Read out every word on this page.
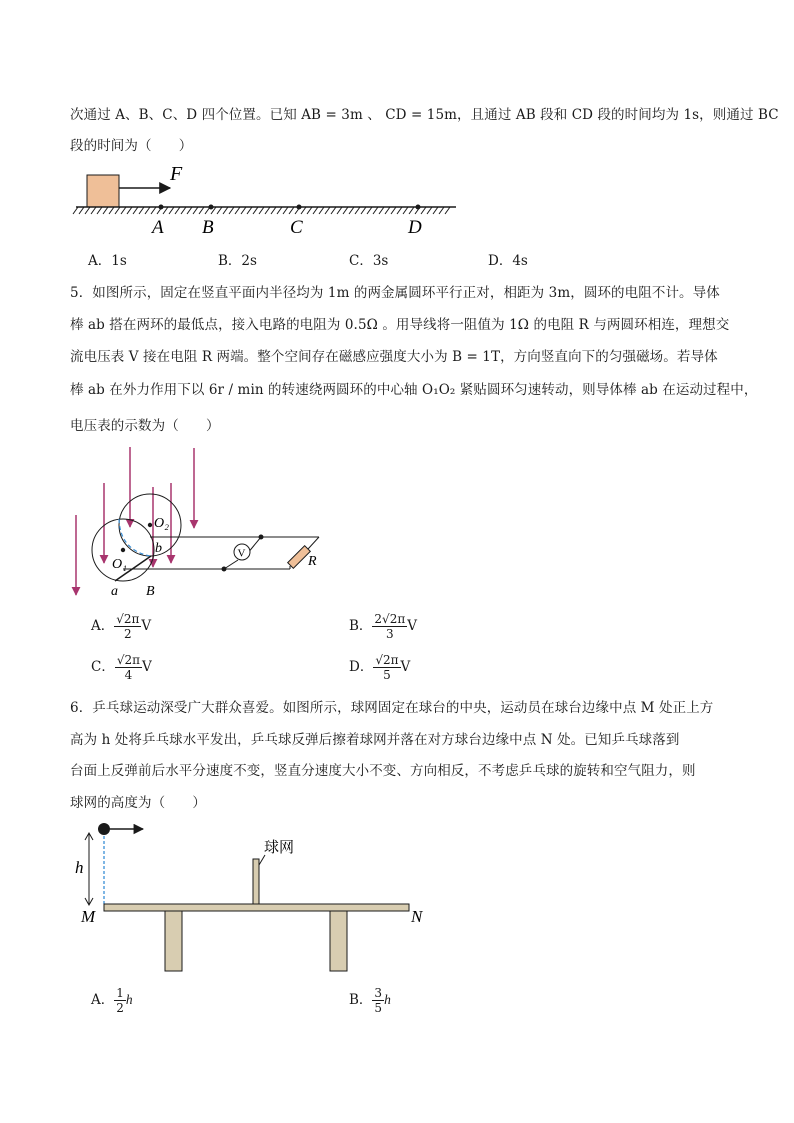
次通过 A、B、C、D 四个位置。已知 AB = 3m 、 CD = 15m，且通过 AB 段和 CD 段的时间均为 1s，则通过 BC
段的时间为（　　）
F
A B	C	D
A．1s	B．2s	C．3s	D．4s
5．如图所示，固定在竖直平面内半径均为 1m 的两金属圆环平行正对，相距为 3m，圆环的电阻不计。导体
棒 ab 搭在两环的最低点，接入电路的电阻为 0.5Ω 。用导线将一阻值为 1Ω 的电阻 R 与两圆环相连，理想交
流电压表 V 接在电阻 R 两端。整个空间存在磁感应强度大小为 B = 1T，方向竖直向下的匀强磁场。若导体
棒 ab 在外力作用下以 6r / min 的转速绕两圆环的中心轴 O₁O₂ 紧贴圆环匀速转动，则导体棒 ab 在运动过程中，
电压表的示数为（　　）
V
O₂
b
O₁
a B
R
A． $\frac{√2\pi}{2}$ V	B． $\frac{2√2\pi}{3}$ V
C． $\frac{√2\pi}{4}$ V	D． $\frac{√2\pi}{5}$ V
6．乒乓球运动深受广大群众喜爱。如图所示，球网固定在球台的中央，运动员在球台边缘中点 M 处正上方
高为 h 处将乒乓球水平发出，乒乓球反弹后擦着球网并落在对方球台边缘中点 N 处。已知乒乓球落到
台面上反弹前后水平分速度不变，竖直分速度大小不变、方向相反，不考虑乒乓球的旋转和空气阻力，则
球网的高度为（　　）
h
球网
M	N
A． $\frac{1}{2}$ h	B． $\frac{3}{5}$ h
